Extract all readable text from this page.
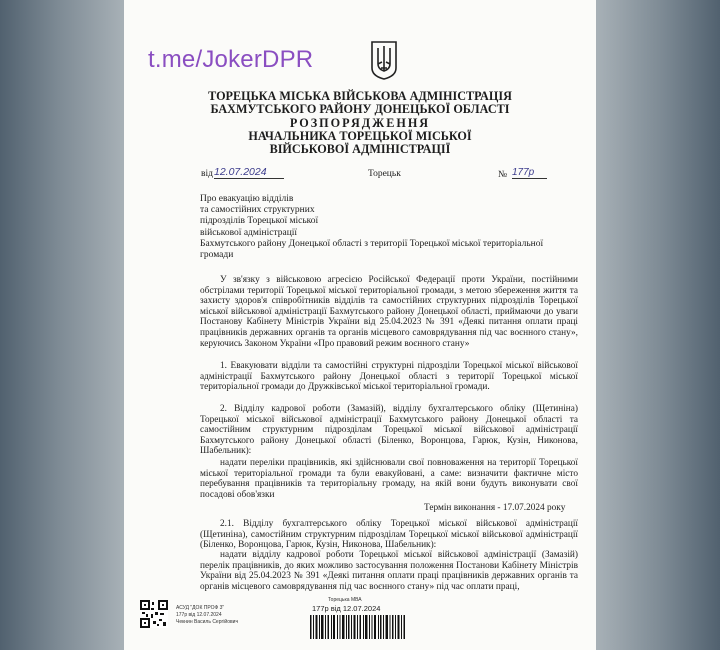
t.me/JokerDPR
ТОРЕЦЬКА МІСЬКА ВІЙСЬКОВА АДМІНІСТРАЦІЯ
БАХМУТСЬКОГО РАЙОНУ ДОНЕЦЬКОЇ ОБЛАСТІ
РОЗПОРЯДЖЕННЯ
НАЧАЛЬНИКА ТОРЕЦЬКОЇ МІСЬКОЇ
ВІЙСЬКОВОЇ АДМІНІСТРАЦІЇ
від 12.07.2024	Торецьк	№ 177р
Про евакуацію відділів
та самостійних структурних
підрозділів Торецької міської
військової адміністрації
Бахмутського району Донецької області з території Торецької міської територіальної
громади
У зв'язку з військовою агресією Російської Федерації проти України, постійними обстрілами території Торецької міської територіальної громади, з метою збереження життя та захисту здоров'я співробітників відділів та самостійних структурних підрозділів Торецької міської військової адміністрації Бахмутського району Донецької області, приймаючи до уваги Постанову Кабінету Міністрів України від 25.04.2023 № 391 «Деякі питання оплати праці працівників державних органів та органів місцевого самоврядування під час воєнного стану», керуючись Законом України «Про правовий режим воєнного стану»
1. Евакуювати відділи та самостійні структурні підрозділи Торецької міської військової адміністрації Бахмутського району Донецької області з території Торецької міської територіальної громади до Дружківської міської територіальної громади.
2. Відділу кадрової роботи (Замазій), відділу бухгалтерського обліку (Щетиніна) Торецької міської військової адміністрації Бахмутського району Донецької області та самостійним структурним підрозділам Торецької міської військової адміністрації Бахмутського району Донецької області (Біленко, Воронцова, Гарюк, Кузін, Никонова, Шабельник):
надати переліки працівників, які здійснювали свої повноваження на території Торецької міської територіальної громади та були евакуйовані, а саме: визначити фактичне місто перебування працівників та територіальну громаду, на якій вони будуть виконувати свої посадові обов'язки
Термін виконання - 17.07.2024 року
2.1. Відділу бухгалтерського обліку Торецької міської військової адміністрації (Щетиніна), самостійним структурним підрозділам Торецької міської військової адміністрації (Біленко, Воронцова, Гарюк, Кузін, Никонова, Шабельник):
надати відділу кадрової роботи Торецької міської військової адміністрації (Замазій) перелік працівників, до яких можливо застосування положення Постанови Кабінету Міністрів України від 25.04.2023 № 391 «Деякі питання оплати праці працівників державних органів та органів місцевого самоврядування під час воєнного стану» під час оплати праці,
АСУД "ДОК ПРОФ 3"
177р від 12.07.2024
Чекнин Василь Сергійович
Торецька МВА
177р від 12.07.2024
